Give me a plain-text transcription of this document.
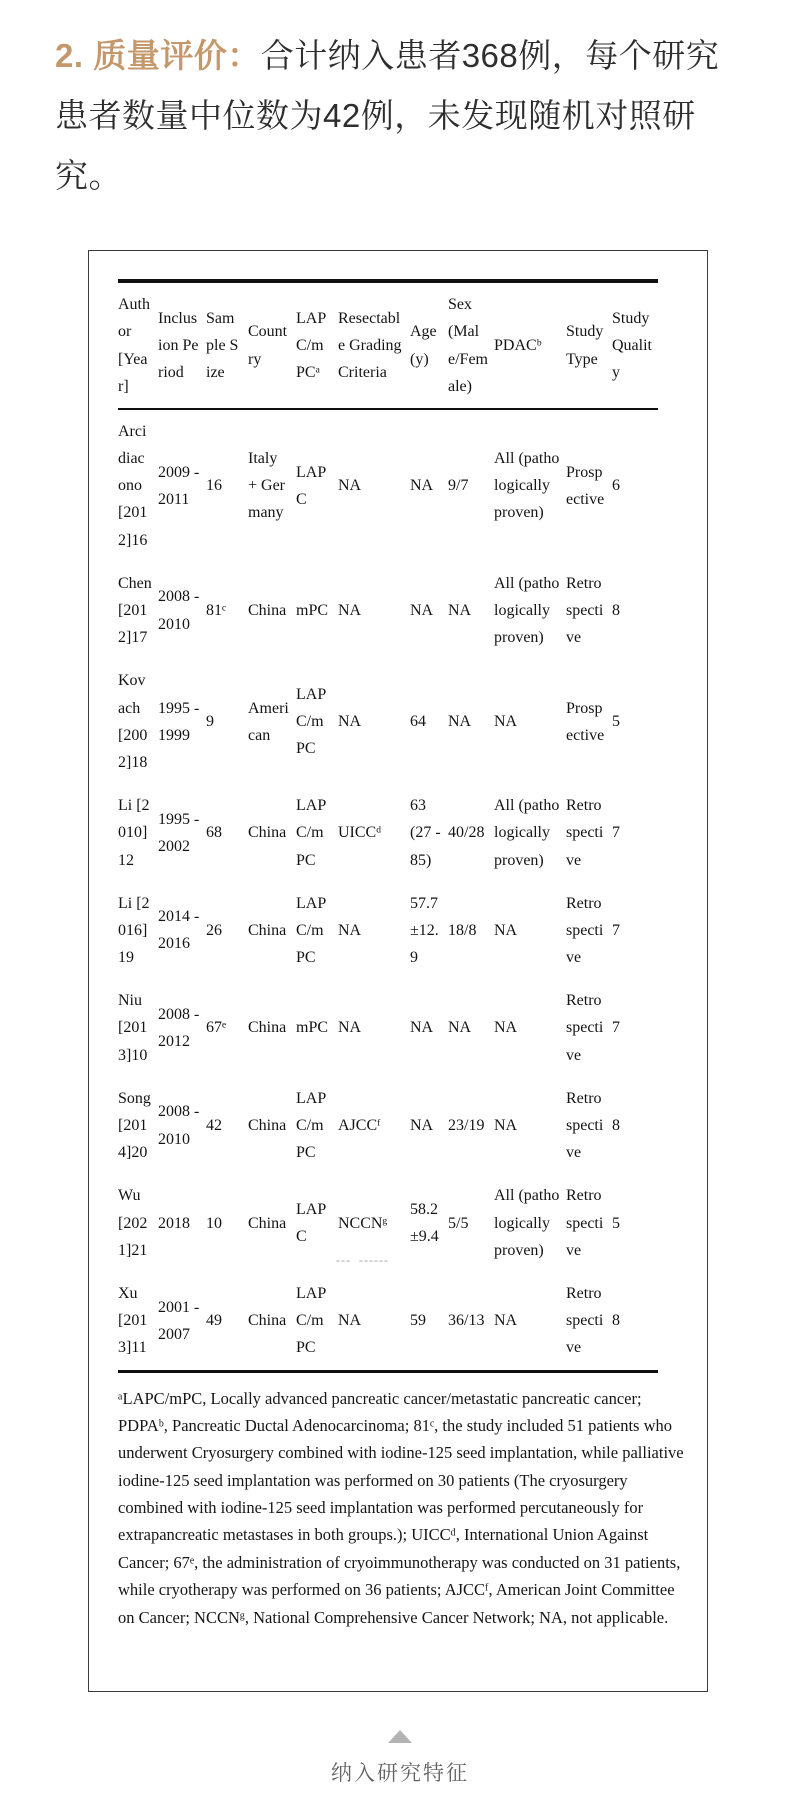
2. 质量评价：合计纳入患者368例，每个研究患者数量中位数为42例，未发现随机对照研究。

---  ------
Author [Year]	Inclusion Period	Sample Size	Country	LAPC/mPCᵃ	Resectable Grading Criteria	Age (y)	Sex (Male/Female)	PDACᵇ	Study Type	Study Quality
Arcidiacono [2012]16	2009 - 2011	16	Italy + Germany	LAPC	NA	NA	9/7	All (pathologically proven)	Prospective	6
Chen [2012]17	2008 - 2010	81ᶜ	China	mPC	NA	NA	NA	All (pathologically proven)	Retrospective	8
Kovach [2002]18	1995 - 1999	9	American	LAPC/mPC	NA	64	NA	NA	Prospective	5
Li [2010]12	1995 - 2002	68	China	LAPC/mPC	UICCᵈ	63 (27 - 85)	40/28	All (pathologically proven)	Retrospective	7
Li [2016]19	2014 - 2016	26	China	LAPC/m PC	NA	57.7±12.9	18/8	NA	Retrospective	7
Niu [2013]10	2008 - 2012	67ᵉ	China	mPC	NA	NA	NA	NA	Retrospective	7
Song [2014]20	2008 - 2010	42	China	LAPC/mPC	AJCCᶠ	NA	23/19	NA	Retrospective	8
Wu [2021]21	2018	10	China	LAPC	NCCNᵍ	58.2±9.4	5/5	All (pathologically proven)	Retrospective	5
Xu [2013]11	2001 - 2007	49	China	LAPC/mPC	NA	59	36/13	NA	Retrospective	8

ᵃLAPC/mPC, Locally advanced pancreatic cancer/metastatic pancreatic cancer; PDPAᵇ, Pancreatic Ductal Adenocarcinoma; 81ᶜ, the study included 51 patients who underwent Cryosurgery combined with iodine-125 seed implantation, while palliative iodine-125 seed implantation was performed on 30 patients (The cryosurgery combined with iodine-125 seed implantation was performed percutaneously for extrapancreatic metastases in both groups.); UICCᵈ, International Union Against Cancer; 67ᵉ, the administration of cryoimmunotherapy was conducted on 31 patients, while cryotherapy was performed on 36 patients; AJCCᶠ, American Joint Committee on Cancer; NCCNᵍ, National Comprehensive Cancer Network; NA, not applicable.

纳入研究特征
